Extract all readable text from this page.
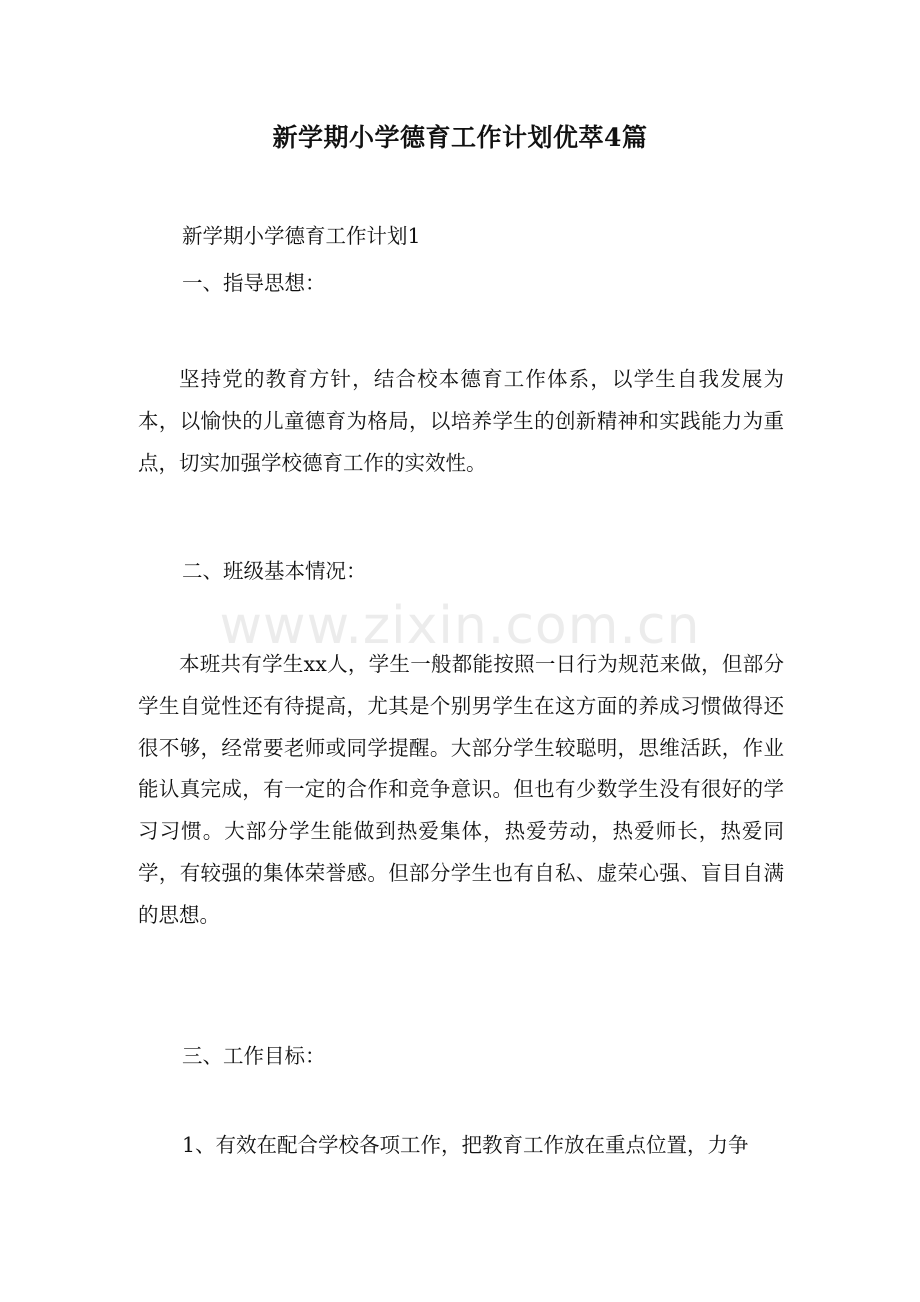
新学期小学德育工作计划优萃4篇
新学期小学德育工作计划1
一、指导思想：
坚持党的教育方针，结合校本德育工作体系，以学生自我发展为本，以愉快的儿童德育为格局，以培养学生的创新精神和实践能力为重点，切实加强学校德育工作的实效性。
二、班级基本情况：
www.zixin.com.cn
本班共有学生xx人，学生一般都能按照一日行为规范来做，但部分学生自觉性还有待提高，尤其是个别男学生在这方面的养成习惯做得还很不够，经常要老师或同学提醒。大部分学生较聪明，思维活跃，作业能认真完成，有一定的合作和竞争意识。但也有少数学生没有很好的学习习惯。大部分学生能做到热爱集体，热爱劳动，热爱师长，热爱同学，有较强的集体荣誉感。但部分学生也有自私、虚荣心强、盲目自满的思想。
三、工作目标：
1、有效在配合学校各项工作，把教育工作放在重点位置，力争
